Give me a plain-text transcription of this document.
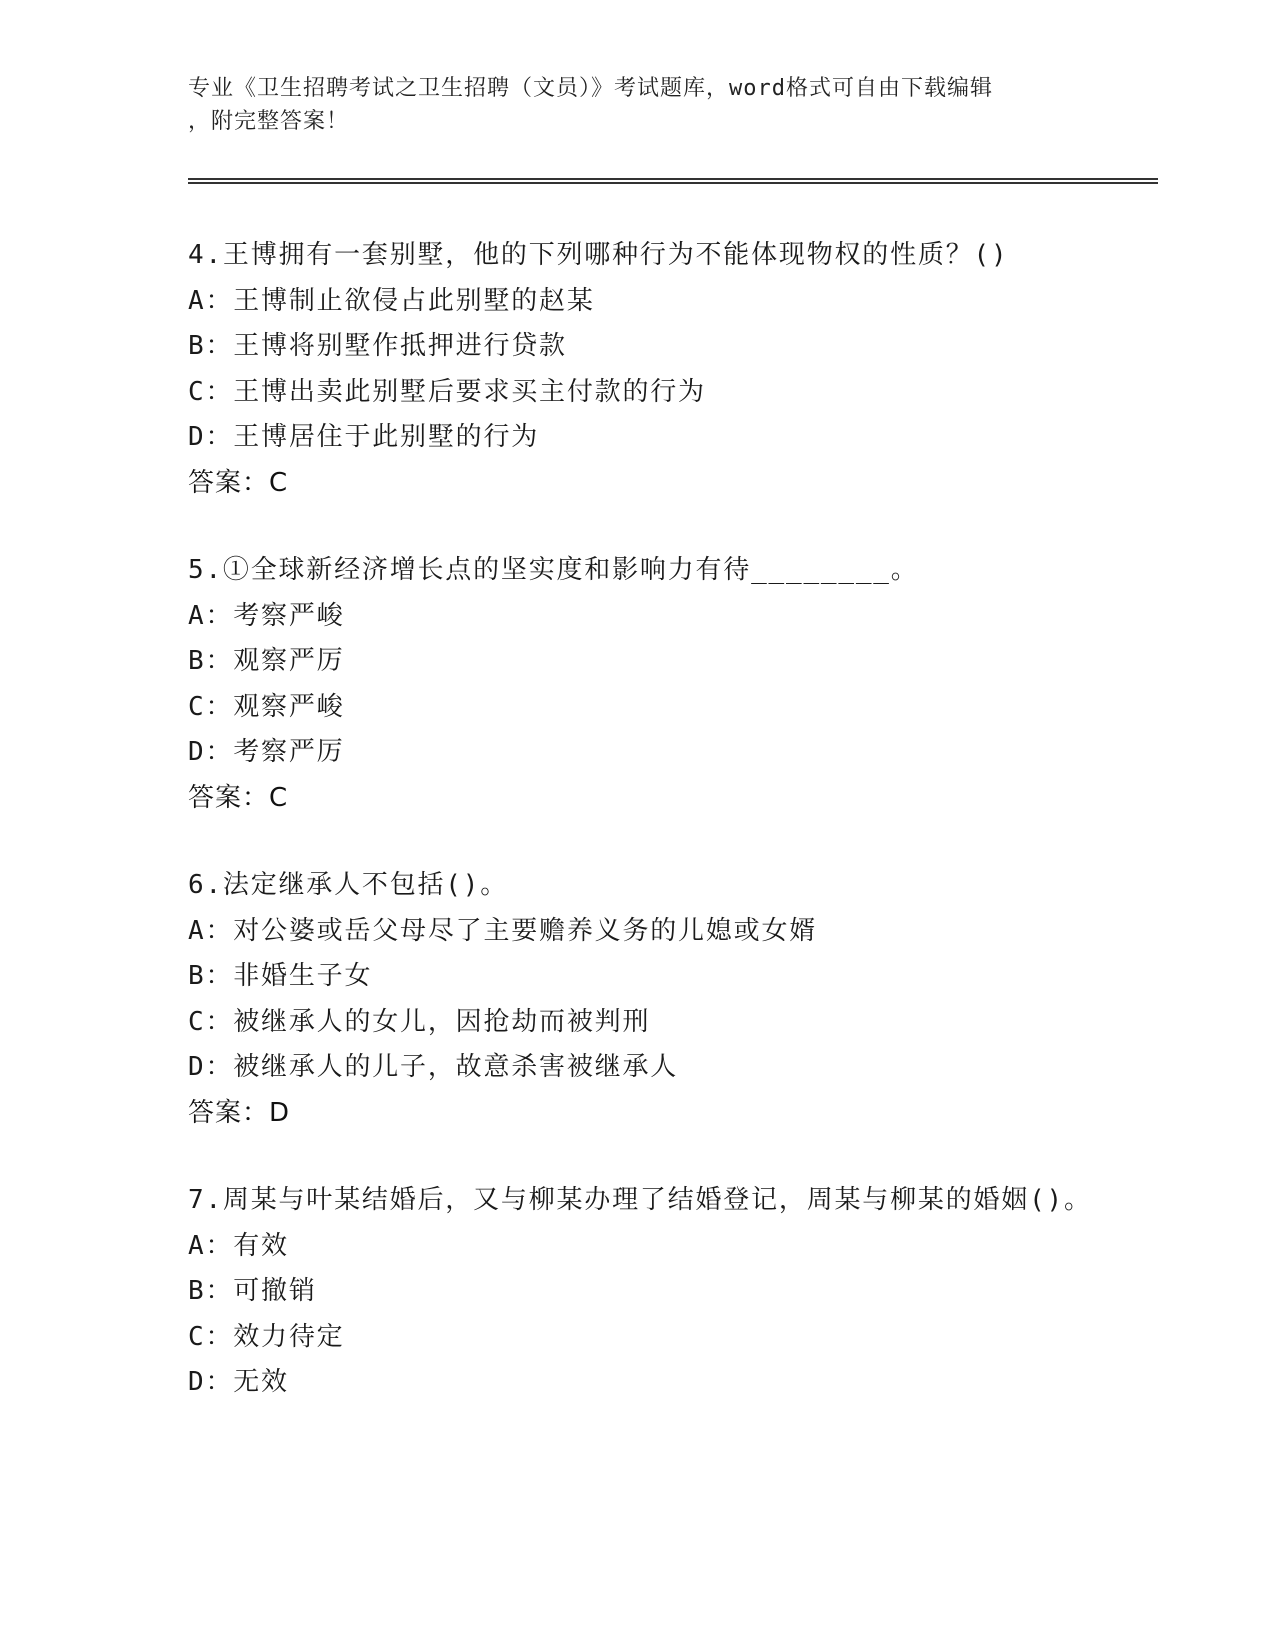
专业《卫生招聘考试之卫生招聘（文员）》考试题库，word格式可自由下载编辑
，附完整答案！
4.王博拥有一套别墅，他的下列哪种行为不能体现物权的性质？()
A：王博制止欲侵占此别墅的赵某
B：王博将别墅作抵押进行贷款
C：王博出卖此别墅后要求买主付款的行为
D：王博居住于此别墅的行为
答案：C
5.①全球新经济增长点的坚实度和影响力有待________。
A：考察严峻
B：观察严厉
C：观察严峻
D：考察严厉
答案：C
6.法定继承人不包括()。
A：对公婆或岳父母尽了主要赡养义务的儿媳或女婿
B：非婚生子女
C：被继承人的女儿，因抢劫而被判刑
D：被继承人的儿子，故意杀害被继承人
答案：D
7.周某与叶某结婚后，又与柳某办理了结婚登记，周某与柳某的婚姻()。
A：有效
B：可撤销
C：效力待定
D：无效
